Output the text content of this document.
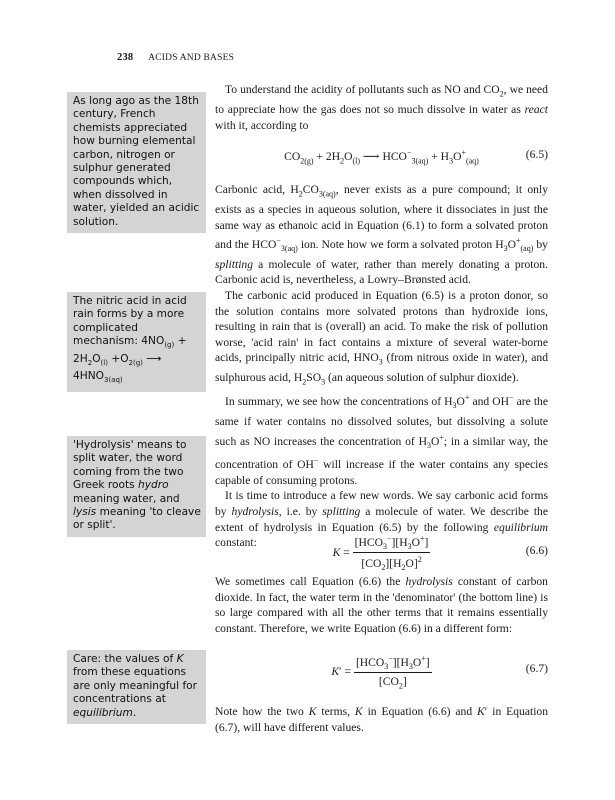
238 ACIDS AND BASES
As long ago as the 18th century, French chemists appreciated how burning elemental carbon, nitrogen or sulphur generated compounds which, when dissolved in water, yielded an acidic solution.
The nitric acid in acid rain forms by a more complicated mechanism: $4NO_{(g)} + 2H_2O_{(l)} +O_{2(g)}$ ⟶ $4HNO_{3(aq)}$
'Hydrolysis' means to split water, the word coming from the two Greek roots hydro meaning water, and lysis meaning 'to cleave or split'.
Care: the values of K from these equations are only meaningful for concentrations at equilibrium.

To understand the acidity of pollutants such as NO and $CO_2$, we need to appreciate how the gas does not so much dissolve in water as react with it, according to

$CO_{2(g)} + 2H_2O_{(l)}$ ⟶ $HCO^-_{3(aq)} + H_3O^+_{(aq)}$	(6.5)

Carbonic acid, $H_2CO_{3(aq)}$, never exists as a pure compound; it only exists as a species in aqueous solution, where it dissociates in just the same way as ethanoic acid in Equation (6.1) to form a solvated proton and the $HCO^-_{3(aq)}$ ion. Note how we form a solvated proton $H_3O^+_{(aq)}$ by splitting a molecule of water, rather than merely donating a proton. Carbonic acid is, nevertheless, a Lowry–Brønsted acid.

The carbonic acid produced in Equation (6.5) is a proton donor, so the solution contains more solvated protons than hydroxide ions, resulting in rain that is (overall) an acid. To make the risk of pollution worse, 'acid rain' in fact contains a mixture of several water-borne acids, principally nitric acid, $HNO_3$ (from nitrous oxide in water), and sulphurous acid, $H_2SO_3$ (an aqueous solution of sulphur dioxide).

In summary, we see how the concentrations of $H_3O^+$ and OH− are the same if water contains no dissolved solutes, but dissolving a solute such as NO increases the concentration of $H_3O^+$; in a similar way, the concentration of OH− will increase if the water contains any species capable of consuming protons.

It is time to introduce a few new words. We say carbonic acid forms by hydrolysis, i.e. by splitting a molecule of water. We describe the extent of hydrolysis in Equation (6.5) by the following equilibrium constant:

$K = \frac{[HCO_3^-][H_3O^+]}{[CO_2][H_2O]^2}$	(6.6)

We sometimes call Equation (6.6) the hydrolysis constant of carbon dioxide. In fact, the water term in the 'denominator' (the bottom line) is so large compared with all the other terms that it remains essentially constant. Therefore, we write Equation (6.6) in a different form:

$K' = \frac{[HCO_3^-][H_3O^+]}{[CO_2]}$	(6.7)

Note how the two K terms, K in Equation (6.6) and K′ in Equation (6.7), will have different values.
